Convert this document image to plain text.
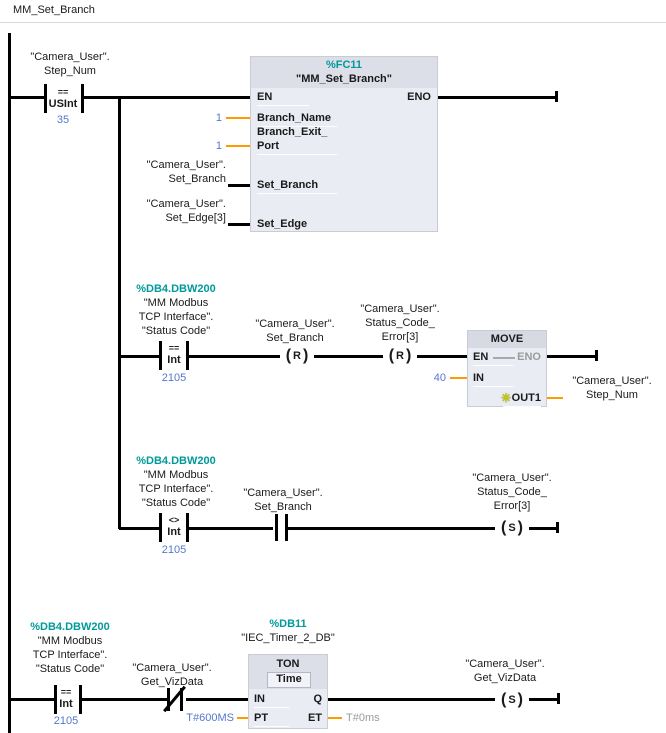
MM_Set_Branch
"Camera_User".
Step_Num
==
USInt
35
%FC11
"MM_Set_Branch"
EN	ENO
Branch_Name
Branch_Exit_
Port
Set_Branch
Set_Edge
1
1
"Camera_User".
Set_Branch
"Camera_User".
Set_Edge[3]
%DB4.DBW200
"MM Modbus
TCP Interface".
"Status Code"
==
Int
2105
"Camera_User".
Set_Branch
( R
)
"Camera_User".
Status_Code_
Error[3]
( R
)
MOVE
EN	ENO
IN
✳ OUT1
40	"Camera_User".
Step_Num
%DB4.DBW200
"MM Modbus
TCP Interface".
"Status Code"
<>
Int
2105
"Camera_User".
Set_Branch
"Camera_User".
Status_Code_
Error[3]
( S
)
%DB4.DBW200
"MM Modbus
TCP Interface".
"Status Code"
==
Int
2105
"Camera_User".
Get_VizData
%DB11
"IEC_Timer_2_DB"
TON
Time
IN	Q
PT	ET
T#600MS	T#0ms
"Camera_User".
Get_VizData
( S
)
